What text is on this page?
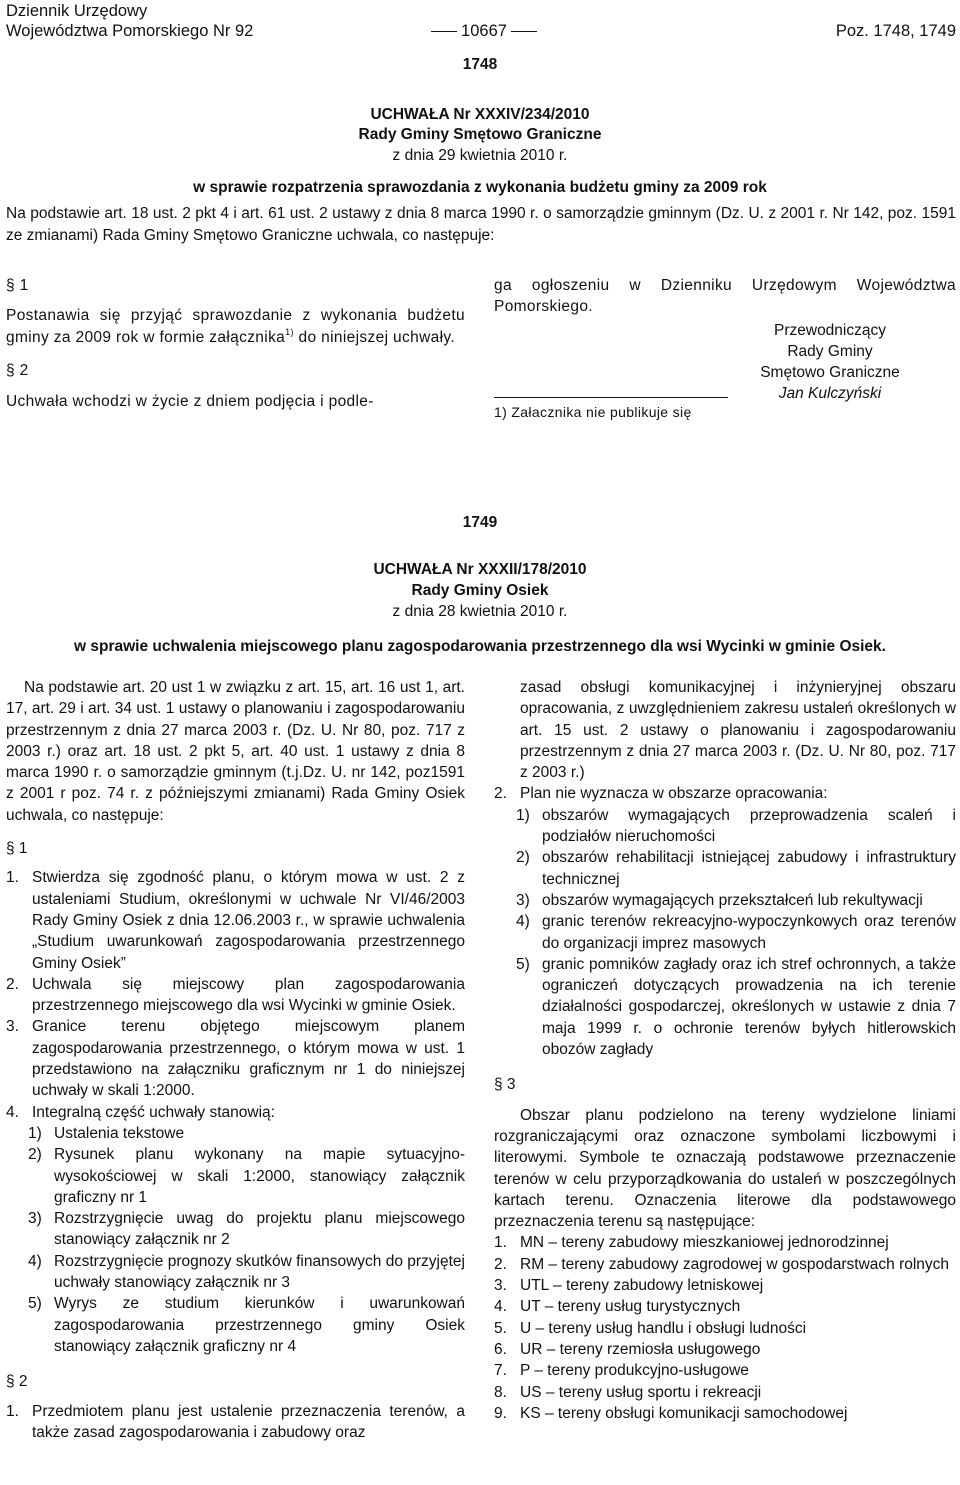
Dziennik Urzędowy
Województwa Pomorskiego Nr 92	10667	Poz. 1748, 1749
1748
UCHWAŁA Nr XXXIV/234/2010
Rady Gminy Smętowo Graniczne
z dnia 29 kwietnia 2010 r.
w sprawie rozpatrzenia sprawozdania z wykonania budżetu gminy za 2009 rok
Na podstawie art. 18 ust. 2 pkt 4 i art. 61 ust. 2 ustawy z dnia 8 marca 1990 r. o samorządzie gminnym (Dz. U. z 2001 r. Nr 142, poz. 1591 ze zmianami) Rada Gminy Smętowo Graniczne uchwala, co następuje:

§ 1

Postanawia się przyjąć sprawozdanie z wykonania budżetu gminy za 2009 rok w formie załącznika$^{1)}$ do niniejszej uchwały.

§ 2

Uchwała wchodzi w życie z dniem podjęcia i podle-

ga ogłoszeniu w Dzienniku Urzędowym Województwa Pomorskiego.

Przewodniczący
Rady Gminy
Smętowo Graniczne
Jan Kulczyński
1) Załacznika nie publikuje się
1749
UCHWAŁA Nr XXXII/178/2010
Rady Gminy Osiek
z dnia 28 kwietnia 2010 r.
w sprawie uchwalenia miejscowego planu zagospodarowania przestrzennego dla wsi Wycinki w gminie Osiek.

Na podstawie art. 20 ust 1 w związku z art. 15, art. 16 ust 1, art. 17, art. 29 i art. 34 ust. 1 ustawy o planowaniu i zagospodarowaniu przestrzennym z dnia 27 marca 2003 r. (Dz. U. Nr 80, poz. 717 z 2003 r.) oraz art. 18 ust. 2 pkt 5, art. 40 ust. 1 ustawy z dnia 8 marca 1990 r. o samorządzie gminnym (t.j.Dz. U. nr 142, poz1591 z 2001 r poz. 74 r. z późniejszymi zmianami) Rada Gminy Osiek uchwala, co następuje:

§ 1

1. Stwierdza się zgodność planu, o którym mowa w ust. 2 z ustaleniami Studium, określonymi w uchwale Nr VI/46/2003 Rady Gminy Osiek z dnia 12.06.2003 r., w sprawie uchwalenia „Studium uwarunkowań zagospodarowania przestrzennego Gminy Osiek”
2. Uchwala się miejscowy plan zagospodarowania przestrzennego miejscowego dla wsi Wycinki w gminie Osiek.
3. Granice terenu objętego miejscowym planem zagospodarowania przestrzennego, o którym mowa w ust. 1 przedstawiono na załączniku graficznym nr 1 do niniejszej uchwały w skali 1:2000.
4. Integralną część uchwały stanowią:
1) Ustalenia tekstowe
2) Rysunek planu wykonany na mapie sytuacyjno-wysokościowej w skali 1:2000, stanowiący załącznik graficzny nr 1
3) Rozstrzygnięcie uwag do projektu planu miejscowego stanowiący załącznik nr 2
4) Rozstrzygnięcie prognozy skutków finansowych do przyjętej uchwały stanowiący załącznik nr 3
5) Wyrys ze studium kierunków i uwarunkowań zagospodarowania przestrzennego gminy Osiek stanowiący załącznik graficzny nr 4

§ 2

1. Przedmiotem planu jest ustalenie przeznaczenia terenów, a także zasad zagospodarowania i zabudowy oraz
zasad obsługi komunikacyjnej i inżynieryjnej obszaru opracowania, z uwzględnieniem zakresu ustaleń określonych w art. 15 ust. 2 ustawy o planowaniu i zagospodarowaniu przestrzennym z dnia 27 marca 2003 r. (Dz. U. Nr 80, poz. 717 z 2003 r.)
2. Plan nie wyznacza w obszarze opracowania:
1) obszarów wymagających przeprowadzenia scaleń i podziałów nieruchomości
2) obszarów rehabilitacji istniejącej zabudowy i infrastruktury technicznej
3) obszarów wymagających przekształceń lub rekultywacji
4) granic terenów rekreacyjno-wypoczynkowych oraz terenów do organizacji imprez masowych
5) granic pomników zagłady oraz ich stref ochronnych, a także ograniczeń dotyczących prowadzenia na ich terenie działalności gospodarczej, określonych w ustawie z dnia 7 maja 1999 r. o ochronie terenów byłych hitlerowskich obozów zagłady

§ 3

Obszar planu podzielono na tereny wydzielone liniami rozgraniczającymi oraz oznaczone symbolami liczbowymi i literowymi. Symbole te oznaczają podstawowe przeznaczenie terenów w celu przyporządkowania do ustaleń w poszczególnych kartach terenu. Oznaczenia literowe dla podstawowego przeznaczenia terenu są następujące:

1. MN – tereny zabudowy mieszkaniowej jednorodzinnej
2. RM – tereny zabudowy zagrodowej w gospodarstwach rolnych
3. UTL – tereny zabudowy letniskowej
4. UT – tereny usług turystycznych
5. U – tereny usług handlu i obsługi ludności
6. UR – tereny rzemiosła usługowego
7. P – tereny produkcyjno-usługowe
8. US – tereny usług sportu i rekreacji
9. KS – tereny obsługi komunikacji samochodowej
